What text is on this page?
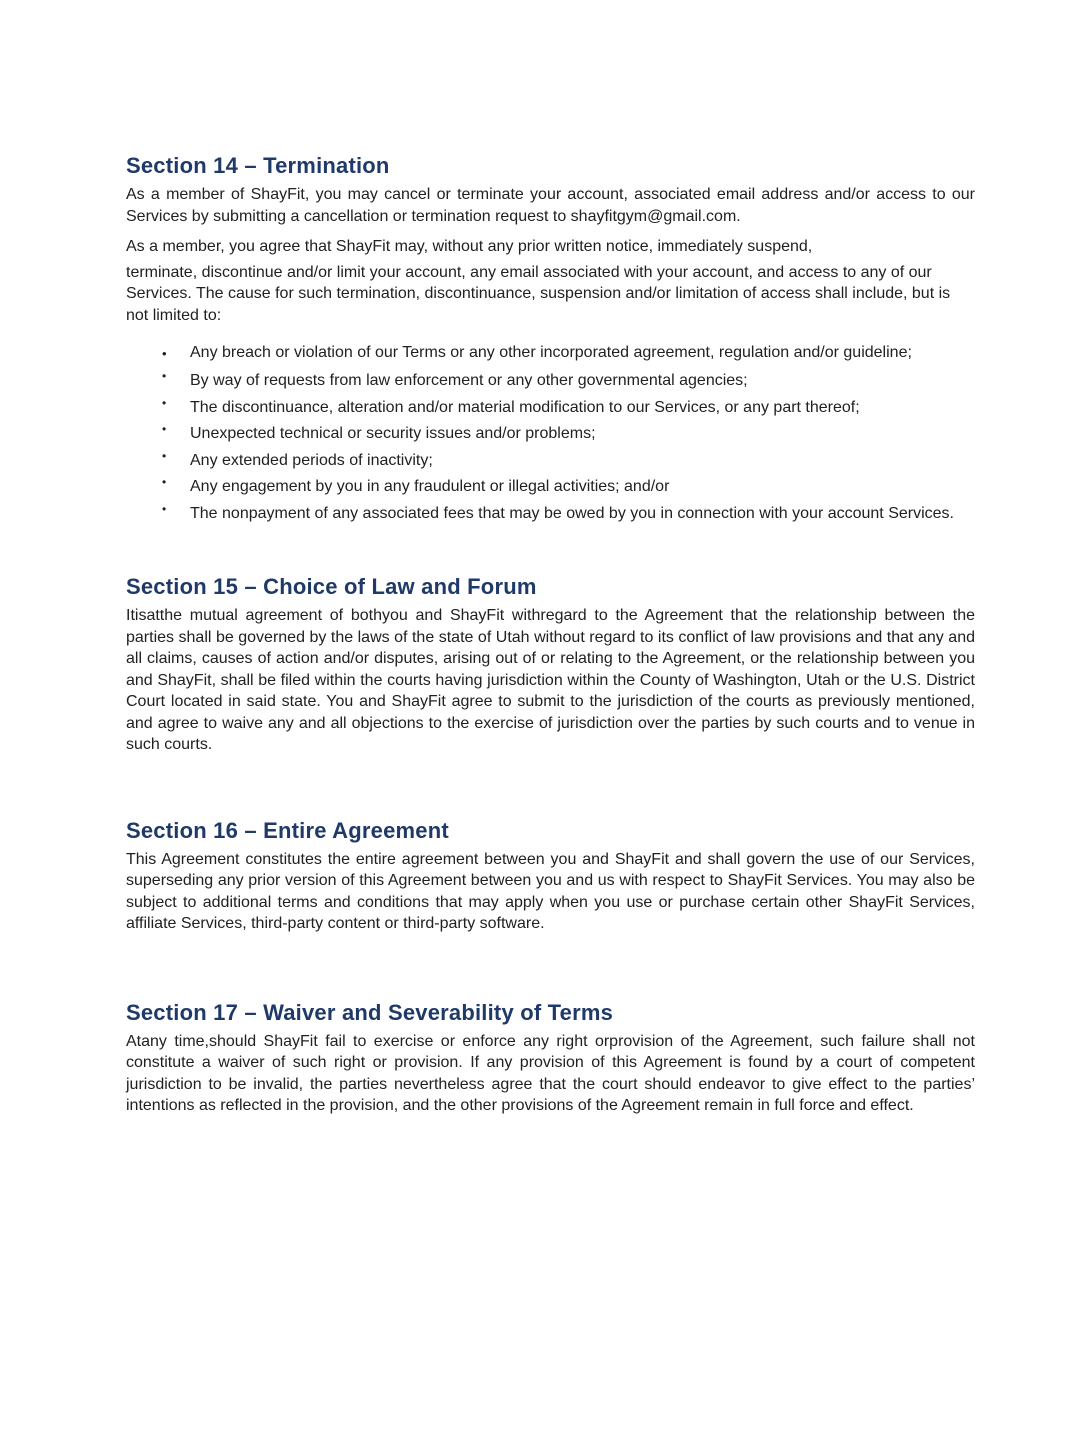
Section 14 – Termination

As a member of ShayFit, you may cancel or terminate your account, associated email address and/or access to our Services by submitting a cancellation or termination request to shayfitgym@gmail.com.

As a member, you agree that ShayFit may, without any prior written notice, immediately suspend,

terminate, discontinue and/or limit your account, any email associated with your account, and access to any of our Services. The cause for such termination, discontinuance, suspension and/or limitation of access shall include, but is not limited to:

• Any breach or violation of our Terms or any other incorporated agreement, regulation and/or guideline;
• By way of requests from law enforcement or any other governmental agencies;
• The discontinuance, alteration and/or material modification to our Services, or any part thereof;
• Unexpected technical or security issues and/or problems;
• Any extended periods of inactivity;
• Any engagement by you in any fraudulent or illegal activities; and/or
• The nonpayment of any associated fees that may be owed by you in connection with your account Services.
Section 15 – Choice of Law and Forum

Itisatthe mutual agreement of bothyou and ShayFit withregard to the Agreement that the relationship between the parties shall be governed by the laws of the state of Utah without regard to its conflict of law provisions and that any and all claims, causes of action and/or disputes, arising out of or relating to the Agreement, or the relationship between you and ShayFit, shall be filed within the courts having jurisdiction within the County of Washington, Utah or the U.S. District Court located in said state. You and ShayFit agree to submit to the jurisdiction of the courts as previously mentioned, and agree to waive any and all objections to the exercise of jurisdiction over the parties by such courts and to venue in such courts.

Section 16 – Entire Agreement

This Agreement constitutes the entire agreement between you and ShayFit and shall govern the use of our Services, superseding any prior version of this Agreement between you and us with respect to ShayFit Services. You may also be subject to additional terms and conditions that may apply when you use or purchase certain other ShayFit Services, affiliate Services, third-party content or third-party software.

Section 17 – Waiver and Severability of Terms

Atany time,should ShayFit fail to exercise or enforce any right orprovision of the Agreement, such failure shall not constitute a waiver of such right or provision. If any provision of this Agreement is found by a court of competent jurisdiction to be invalid, the parties nevertheless agree that the court should endeavor to give effect to the parties’ intentions as reflected in the provision, and the other provisions of the Agreement remain in full force and effect.
